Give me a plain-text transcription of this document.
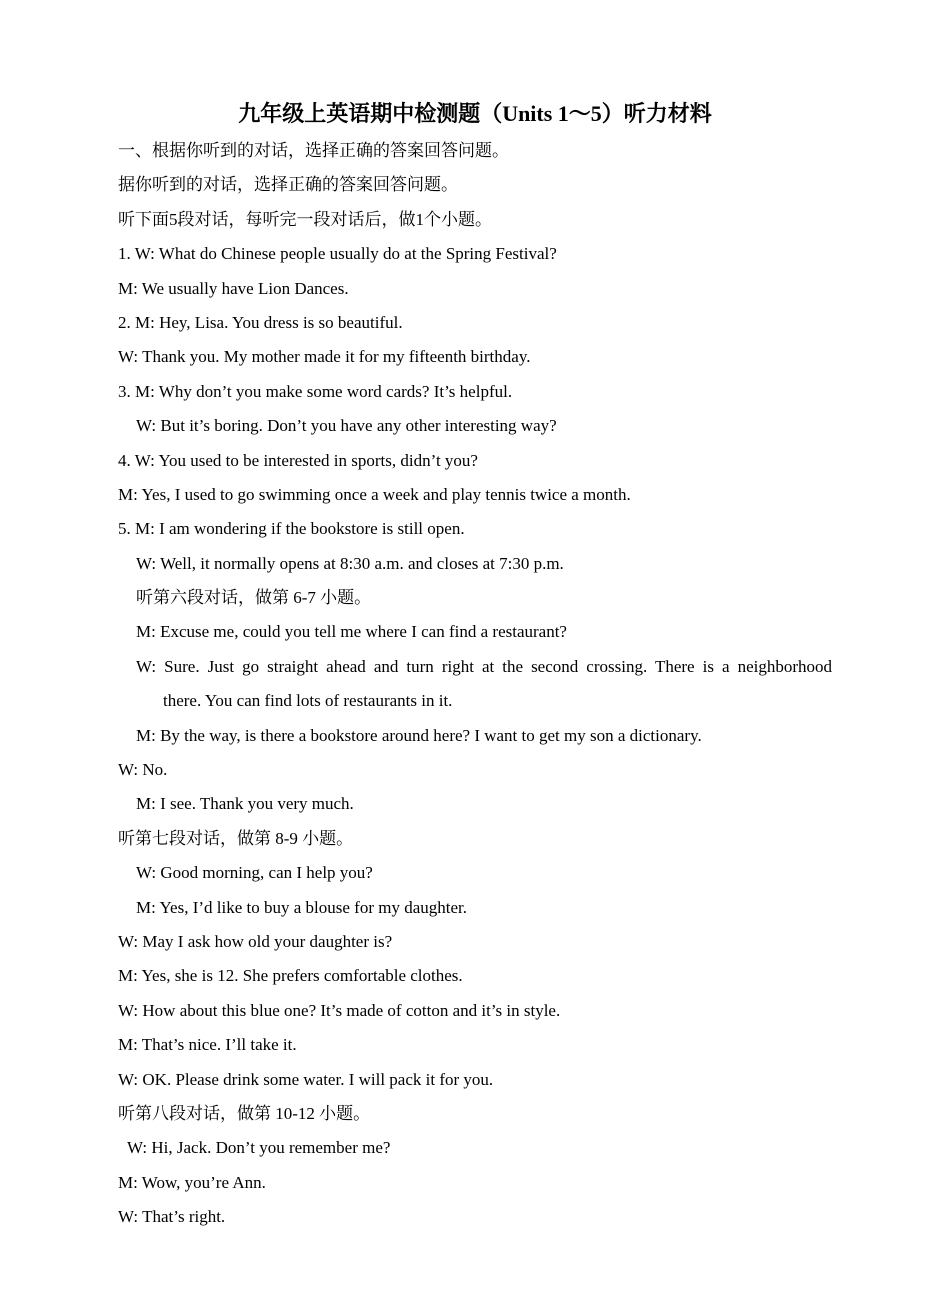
九年级上英语期中检测题（Units 1～5）听力材料
一、根据你听到的对话，选择正确的答案回答问题。
据你听到的对话，选择正确的答案回答问题。
听下面5段对话，每听完一段对话后，做1个小题。
1. W: What do Chinese people usually do at the Spring Festival?
M: We usually have Lion Dances.
2. M: Hey, Lisa. You dress is so beautiful.
W: Thank you. My mother made it for my fifteenth birthday.
3. M: Why don’t you make some word cards? It’s helpful.
W: But it’s boring. Don’t you have any other interesting way?
4. W: You used to be interested in sports, didn’t you?
M: Yes, I used to go swimming once a week and play tennis twice a month.
5. M: I am wondering if the bookstore is still open.
W: Well, it normally opens at 8:30 a.m. and closes at 7:30 p.m.
听第六段对话，做第 6-7 小题。
M: Excuse me, could you tell me where I can find a restaurant?
W: Sure. Just go straight ahead and turn right at the second crossing. There is a neighborhood
there. You can find lots of restaurants in it.
M: By the way, is there a bookstore around here? I want to get my son a dictionary.
W: No.
M: I see. Thank you very much.
听第七段对话，做第 8-9 小题。
W: Good morning, can I help you?
M: Yes, I’d like to buy a blouse for my daughter.
W: May I ask how old your daughter is?
M: Yes, she is 12. She prefers comfortable clothes.
W: How about this blue one? It’s made of cotton and it’s in style.
M: That’s nice. I’ll take it.
W: OK. Please drink some water. I will pack it for you.
听第八段对话，做第 10-12 小题。
W: Hi, Jack. Don’t you remember me?
M: Wow, you’re Ann.
W: That’s right.
